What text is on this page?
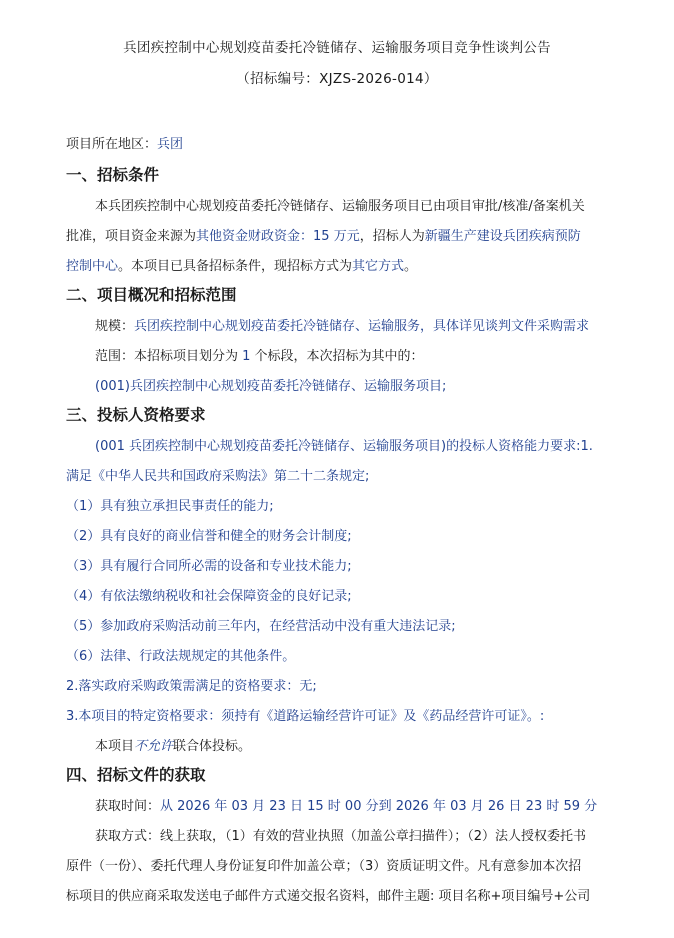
兵团疾控制中心规划疫苗委托冷链储存、运输服务项目竞争性谈判公告
（招标编号：XJZS-2026-014）
项目所在地区：兵团
一、招标条件
本兵团疾控制中心规划疫苗委托冷链储存、运输服务项目已由项目审批/核准/备案机关
批准，项目资金来源为其他资金财政资金：15 万元，招标人为新疆生产建设兵团疾病预防
控制中心。本项目已具备招标条件，现招标方式为其它方式。
二、项目概况和招标范围
规模：兵团疾控制中心规划疫苗委托冷链储存、运输服务，具体详见谈判文件采购需求
范围：本招标项目划分为 1 个标段，本次招标为其中的：
(001)兵团疾控制中心规划疫苗委托冷链储存、运输服务项目;
三、投标人资格要求
(001 兵团疾控制中心规划疫苗委托冷链储存、运输服务项目)的投标人资格能力要求:1.
满足《中华人民共和国政府采购法》第二十二条规定;
（1）具有独立承担民事责任的能力;
（2）具有良好的商业信誉和健全的财务会计制度;
（3）具有履行合同所必需的设备和专业技术能力;
（4）有依法缴纳税收和社会保障资金的良好记录;
（5）参加政府采购活动前三年内，在经营活动中没有重大违法记录;
（6）法律、行政法规规定的其他条件。
2.落实政府采购政策需满足的资格要求：无;
3.本项目的特定资格要求：须持有《道路运输经营许可证》及《药品经营许可证》。:
本项目不允许联合体投标。
四、招标文件的获取
获取时间：从 2026 年 03 月 23 日 15 时 00 分到 2026 年 03 月 26 日 23 时 59 分
获取方式：线上获取，（1）有效的营业执照（加盖公章扫描件）；（2）法人授权委托书
原件（一份）、委托代理人身份证复印件加盖公章；（3）资质证明文件。凡有意参加本次招
标项目的供应商采取发送电子邮件方式递交报名资料，邮件主题: 项目名称+项目编号+公司
